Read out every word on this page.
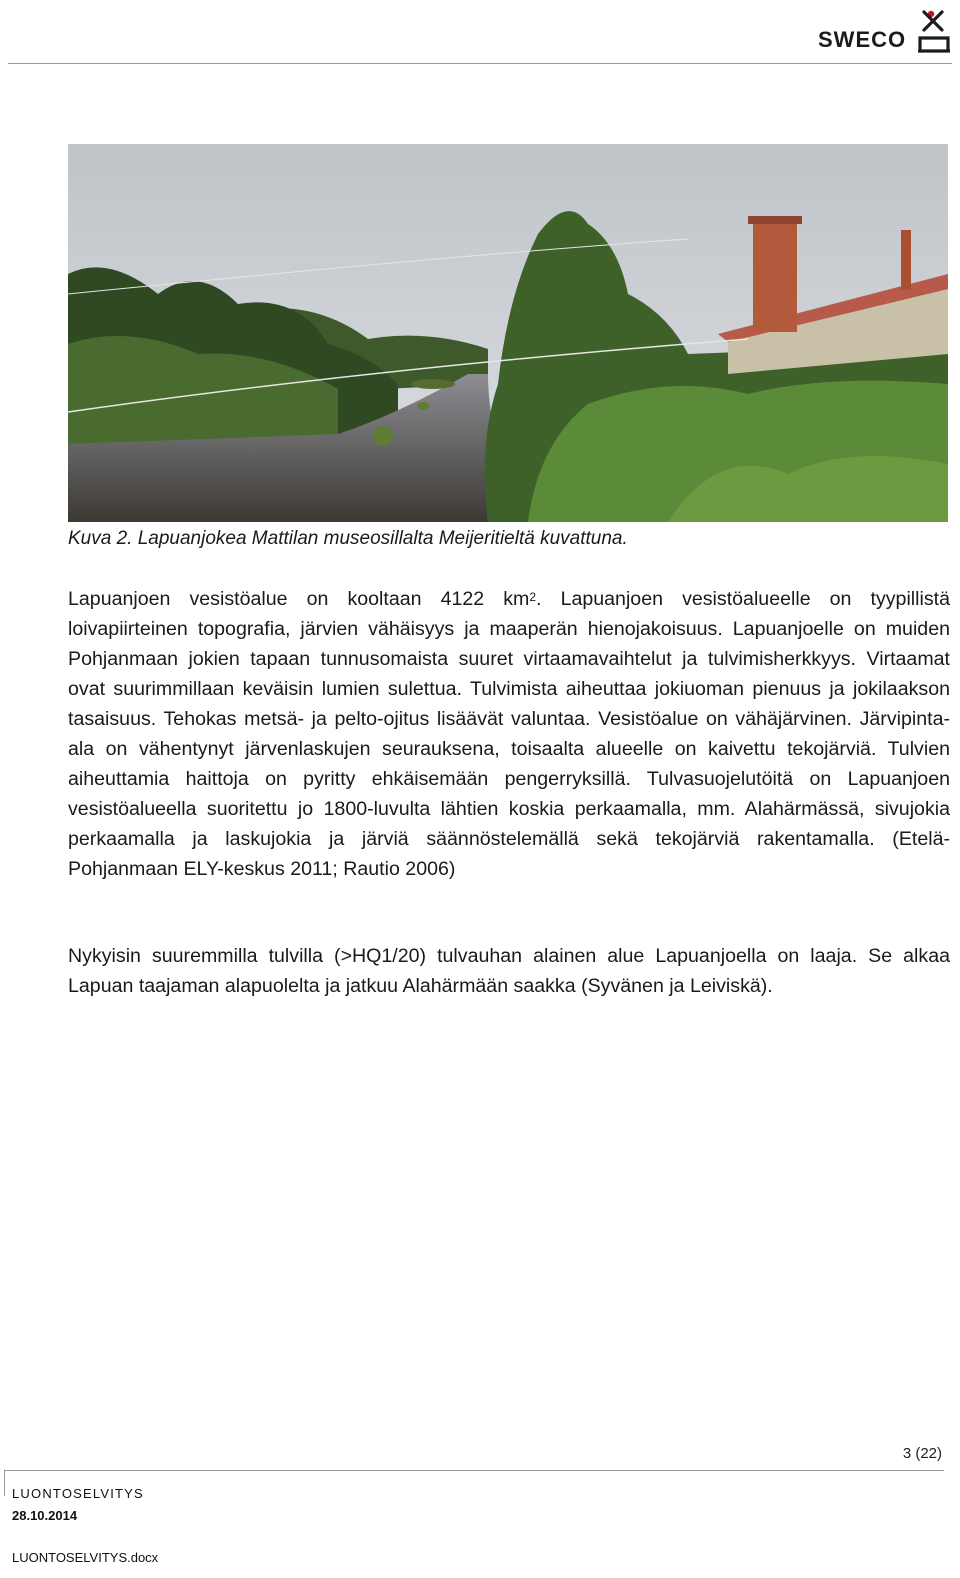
SWECO
Kuva 2. Lapuanjokea Mattilan museosillalta Meijeritieltä kuvattuna.

Lapuanjoen vesistöalue on kooltaan 4122 $km^2$. Lapuanjoen vesistöalueelle on tyypillistä loivapiirteinen topografia, järvien vähäisyys ja maaperän hienojakoisuus. Lapuanjoelle on muiden Pohjanmaan jokien tapaan tunnusomaista suuret virtaamavaihtelut ja tulvimisherkkyys. Virtaamat ovat suurimmillaan keväisin lumien sulettua. Tulvimista aiheuttaa jokiuoman pienuus ja jokilaakson tasaisuus. Tehokas metsä- ja pelto-ojitus lisäävät valuntaa. Vesistöalue on vähäjärvinen. Järvipinta-ala on vähentynyt järvenlaskujen seurauksena, toisaalta alueelle on kaivettu tekojärviä. Tulvien aiheuttamia haittoja on pyritty ehkäisemään pengerryksillä. Tulvasuojelutöitä on Lapuanjoen vesistöalueella suoritettu jo 1800-luvulta lähtien koskia perkaamalla, mm. Alahärmässä, sivujokia perkaamalla ja laskujokia ja järviä säännöstelemällä sekä tekojärviä rakentamalla. (Etelä-Pohjanmaan ELY-keskus 2011; Rautio 2006)

Nykyisin suuremmilla tulvilla (>HQ1/20) tulvauhan alainen alue Lapuanjoella on laaja. Se alkaa Lapuan taajaman alapuolelta ja jatkuu Alahärmään saakka (Syvänen ja Leiviskä).

3 (22)
LUONTOSELVITYS
28.10.2014
LUONTOSELVITYS.docx
